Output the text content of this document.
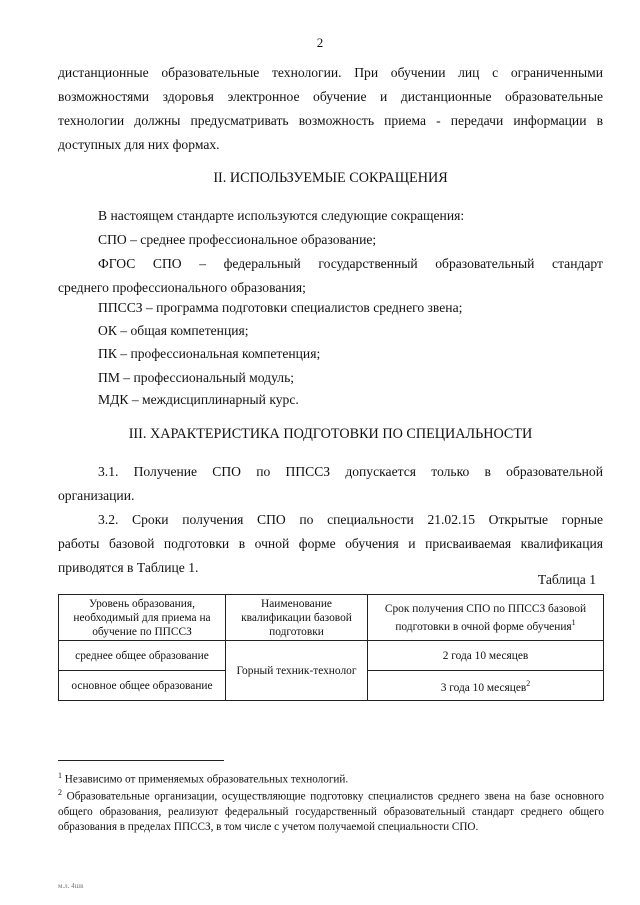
2
дистанционные образовательные технологии. При обучении лиц с ограниченными
возможностями здоровья электронное обучение и дистанционные образовательные
технологии должны предусматривать возможность приема - передачи информации в
доступных для них формах.
II. ИСПОЛЬЗУЕМЫЕ СОКРАЩЕНИЯ
В настоящем стандарте используются следующие сокращения:
СПО – среднее профессиональное образование;
ФГОС СПО – федеральный государственный образовательный стандарт
среднего профессионального образования;
ППССЗ – программа подготовки специалистов среднего звена;
ОК – общая компетенция;
ПК – профессиональная компетенция;
ПМ – профессиональный модуль;
МДК – междисциплинарный курс.
III. ХАРАКТЕРИСТИКА ПОДГОТОВКИ ПО СПЕЦИАЛЬНОСТИ
3.1. Получение СПО по ППССЗ допускается только в образовательной
организации.
3.2. Сроки получения СПО по специальности 21.02.15 Открытые горные
работы базовой подготовки в очной форме обучения и присваиваемая квалификация
приводятся в Таблице 1.
Таблица 1
Уровень образования, необходимый для приема на обучение по ППССЗ	Наименование квалификации базовой подготовки	Срок получения СПО по ППССЗ базовой подготовки в очной форме обучения$^1$
среднее общее образование	Горный техник-технолог	2 года 10 месяцев
основное общее образование		3 года 10 месяцев$^2$
$^1$ Независимо от применяемых образовательных технологий.
$^2$ Образовательные организации, осуществляющие подготовку специалистов среднего звена на базе основного общего образования, реализуют федеральный государственный образовательный стандарт среднего общего образования в пределах ППССЗ, в том числе с учетом получаемой специальности СПО.
м.л. 4шв
